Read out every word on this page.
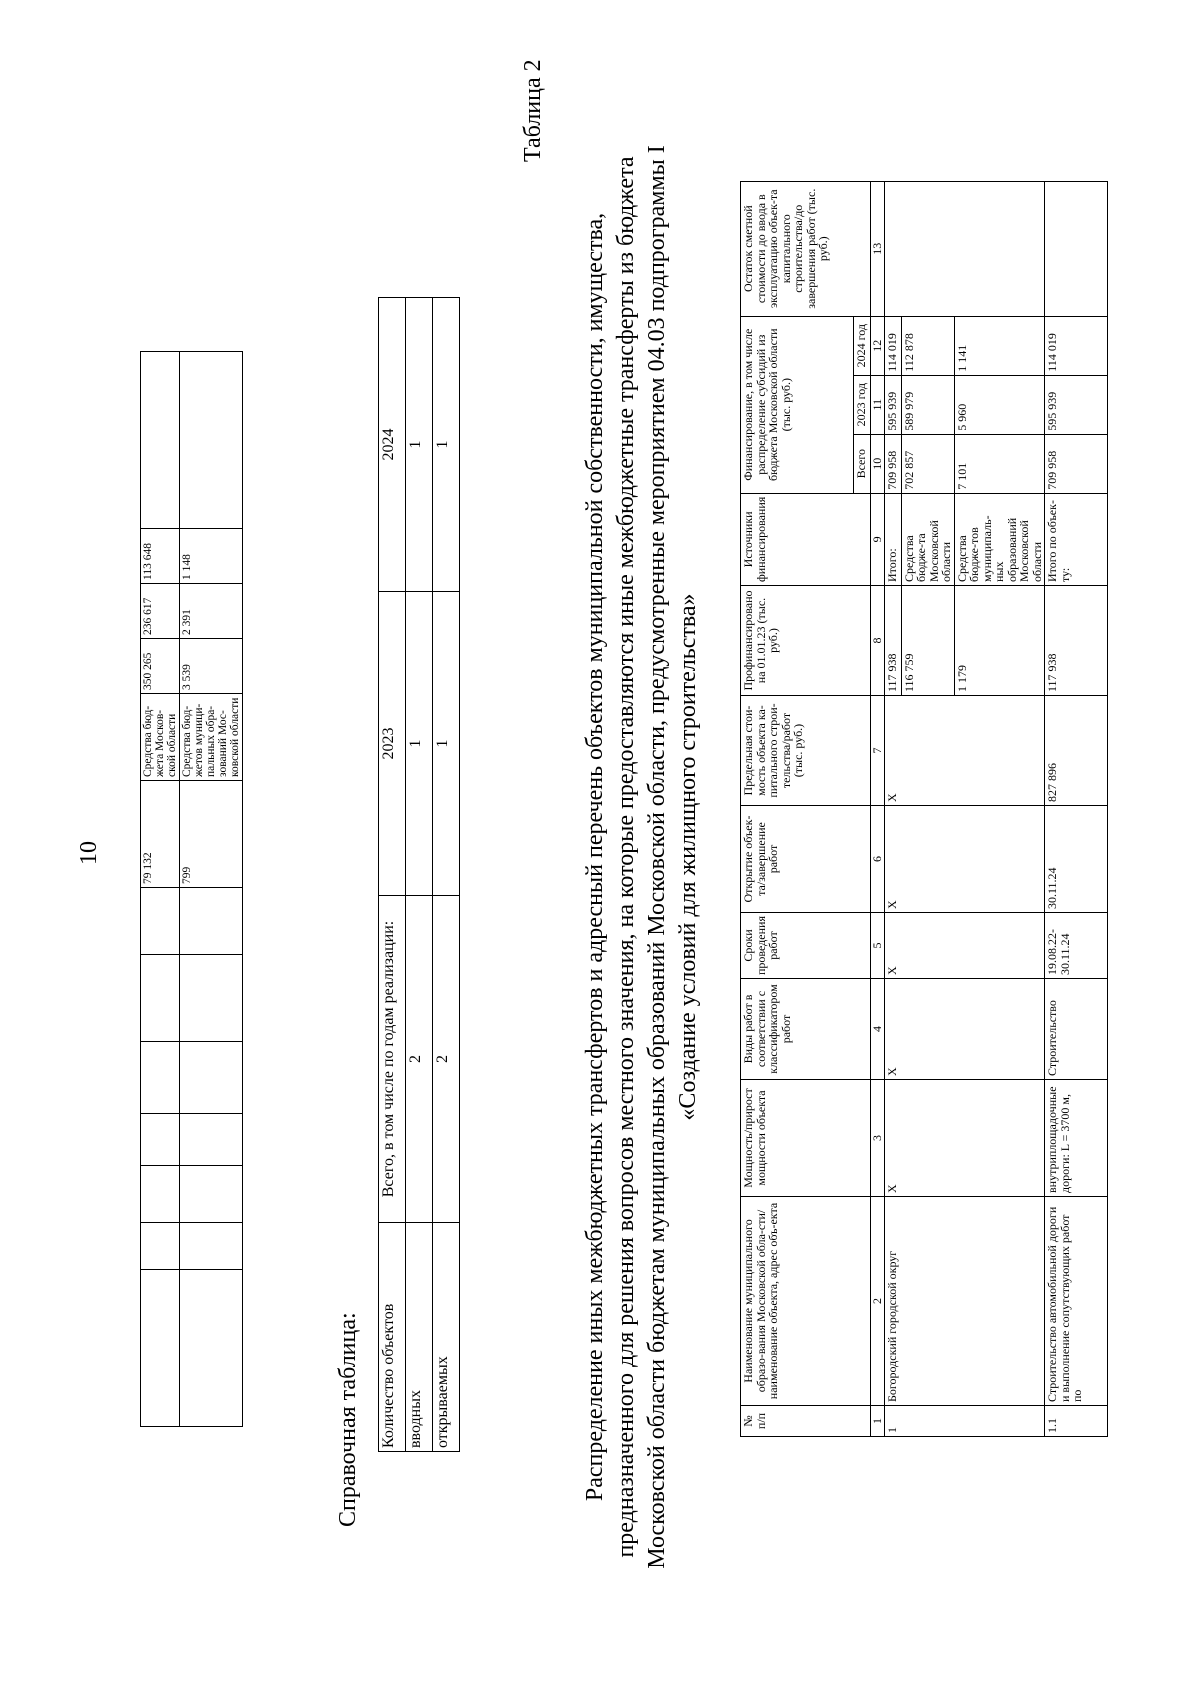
10
								79 132	Средства бюд-жета Москов-ской области	350 265	236 617	113 648	
							799	Средства бюд-жетов муници-пальных обра-зований Мос-ковской области	3 539	2 391	1 148	
Справочная таблица: Количество объектов	Всего, в том числе по годам реализации:	2023	2024
вводных	2	1	1
открываемых	2	1	1
Таблица 2
Распределение иных межбюджетных трансфертов и адресный перечень объектов муниципальной собственности, имущества, предназначенного для решения вопросов местного значения, на которые предоставляются иные межбюджетные трансферты из бюджета Московской области бюджетам муниципальных образований Московской области, предусмотренные мероприятием 04.03 подпрограммы I «Создание условий для жилищного строительства»
№ п/п	Наименование муниципального образо-вания Московской обла-сти/наименование объекта, адрес объ-екта	Мощность/прирост мощности объекта	Виды работ в соответствии с классификатором работ	Сроки проведения работ	Открытие объек-та/завершение работ	Предельная стои-мость объекта ка-питального строи-тельства/работ (тыс. руб.)	Профинансировано на 01.01.23 (тыс. руб.)	Источники финансирования	Финансирование, в том числе распределение субсидий из бюджета Московской области (тыс. руб.)			Остаток сметной стоимости до ввода в эксплуатацию объек-та капитального строительства/до завершения работ (тыс. руб.)
									Всего	2023 год	2024 год	
1	2	3	4	5	6	7	8	9	10	11	12	13
1	Богородский городской округ	X	X	X	X	X	117 938	Итого:	709 958	595 939	114 019	
							116 759	Средства бюдже-та Московской области	702 857	589 979	112 878	
							1 179	Средства бюдже-тов муниципаль-ных образований Московской области	7 101	5 960	1 141	
1.1	Строительство автомобильной дороги и выполнение сопутствующих работ по	внутриплощадочные дороги: L = 3700 м,	Строительство	19.08.22-30.11.24	30.11.24	827 896	117 938	Итого по объек-ту:	709 958	595 939	114 019	
